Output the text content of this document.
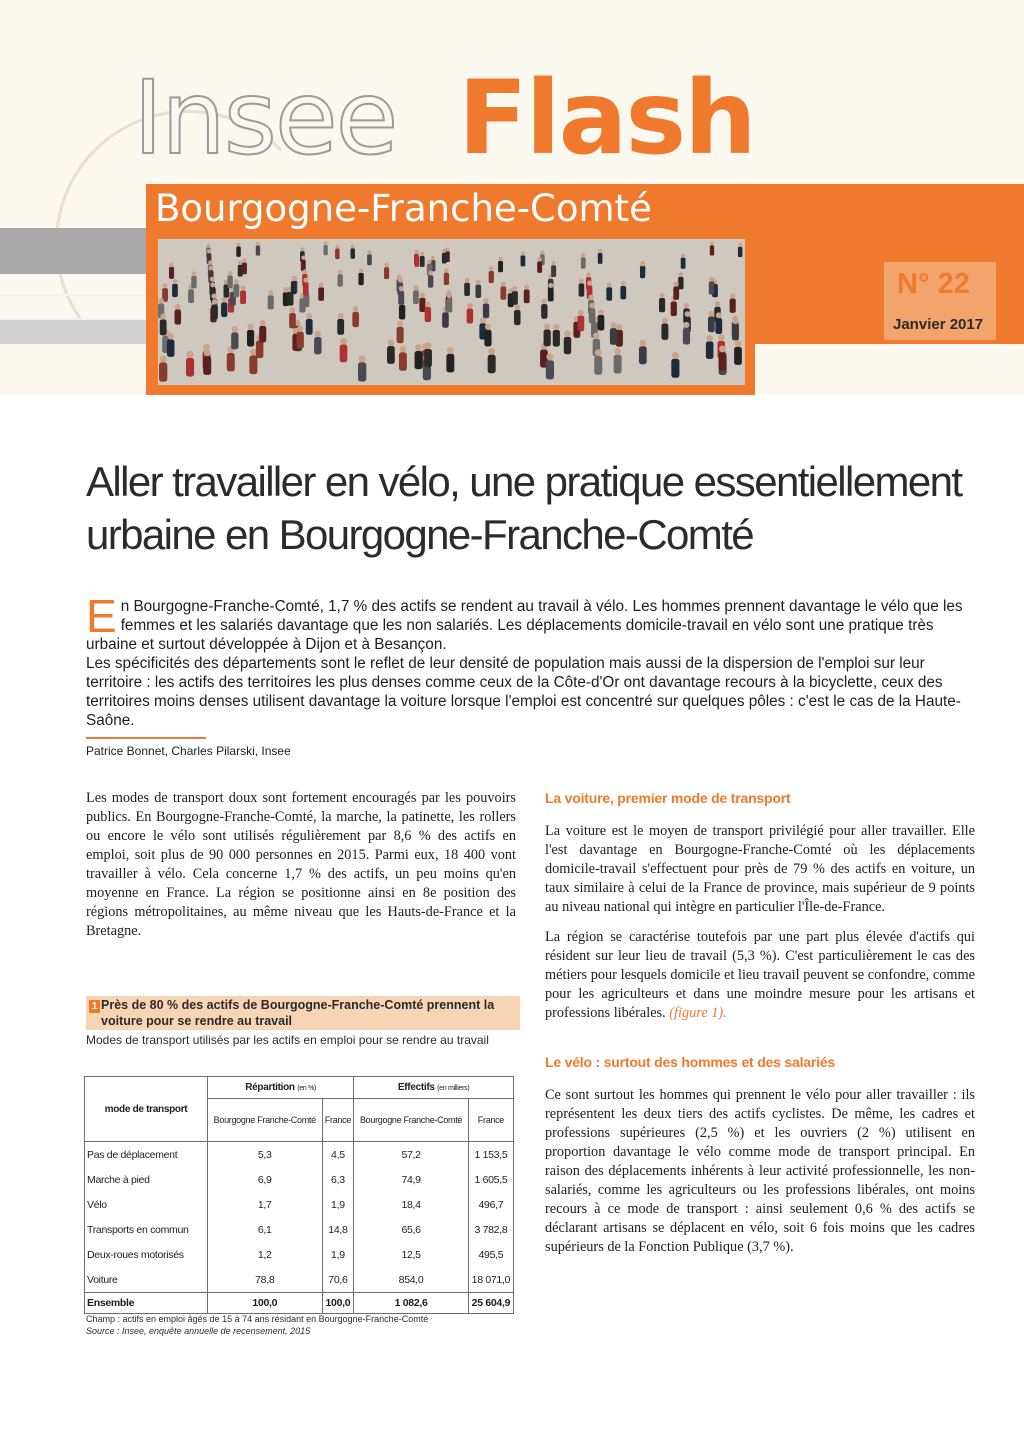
Insee Flash
Bourgogne-Franche-Comté
N° 22
Janvier 2017
Aller travailler en vélo, une pratique essentiellement urbaine en Bourgogne-Franche-Comté

En Bourgogne-Franche-Comté, 1,7 % des actifs se rendent au travail à vélo. Les hommes prennent davantage le vélo que les femmes et les salariés davantage que les non salariés. Les déplacements domicile-travail en vélo sont une pratique très urbaine et surtout développée à Dijon et à Besançon.

Les spécificités des départements sont le reflet de leur densité de population mais aussi de la dispersion de l'emploi sur leur territoire : les actifs des territoires les plus denses comme ceux de la Côte-d'Or ont davantage recours à la bicyclette, ceux des territoires moins denses utilisent davantage la voiture lorsque l'emploi est concentré sur quelques pôles : c'est le cas de la Haute-Saône.

Patrice Bonnet, Charles Pilarski, Insee

Les modes de transport doux sont fortement encouragés par les pouvoirs publics. En Bourgogne-Franche-Comté, la marche, la patinette, les rollers ou encore le vélo sont utilisés régulièrement par 8,6 % des actifs en emploi, soit plus de 90 000 personnes en 2015. Parmi eux, 18 400 vont travailler à vélo. Cela concerne 1,7 % des actifs, un peu moins qu'en moyenne en France. La région se positionne ainsi en 8e position des régions métropolitaines, au même niveau que les Hauts-de-France et la Bretagne.

1 Près de 80 % des actifs de Bourgogne-Franche-Comté prennent la voiture pour se rendre au travail
Modes de transport utilisés par les actifs en emploi pour se rendre au travail
mode de transport	Répartition (en %)		Effectifs (en milliers)	
	Bourgogne Franche-Comté	France	Bourgogne Franche-Comté	France
Pas de déplacement	5,3	4,5	57,2	1 153,5
Marche à pied	6,9	6,3	74,9	1 605,5
Vélo	1,7	1,9	18,4	496,7
Transports en commun	6,1	14,8	65,6	3 782,8
Deux-roues motorisés	1,2	1,9	12,5	495,5
Voiture	78,8	70,6	854,0	18 071,0
Ensemble	100,0	100,0	1 082,6	25 604,9
Champ : actifs en emploi âgés de 15 à 74 ans résidant en Bourgogne-Franche-Comté
Source : Insee, enquête annuelle de recensement, 2015
La voiture, premier mode de transport

La voiture est le moyen de transport privilégié pour aller travailler. Elle l'est davantage en Bourgogne-Franche-Comté où les déplacements domicile-travail s'effectuent pour près de 79 % des actifs en voiture, un taux similaire à celui de la France de province, mais supérieur de 9 points au niveau national qui intègre en particulier l'Île-de-France.

La région se caractérise toutefois par une part plus élevée d'actifs qui résident sur leur lieu de travail (5,3 %). C'est particulièrement le cas des métiers pour lesquels domicile et lieu travail peuvent se confondre, comme pour les agriculteurs et dans une moindre mesure pour les artisans et professions libérales. (figure 1).

Le vélo : surtout des hommes et des salariés

Ce sont surtout les hommes qui prennent le vélo pour aller travailler : ils représentent les deux tiers des actifs cyclistes. De même, les cadres et professions supérieures (2,5 %) et les ouvriers (2 %) utilisent en proportion davantage le vélo comme mode de transport principal. En raison des déplacements inhérents à leur activité professionnelle, les non-salariés, comme les agriculteurs ou les professions libérales, ont moins recours à ce mode de transport : ainsi seulement 0,6 % des actifs se déclarant artisans se déplacent en vélo, soit 6 fois moins que les cadres supérieurs de la Fonction Publique (3,7 %).
